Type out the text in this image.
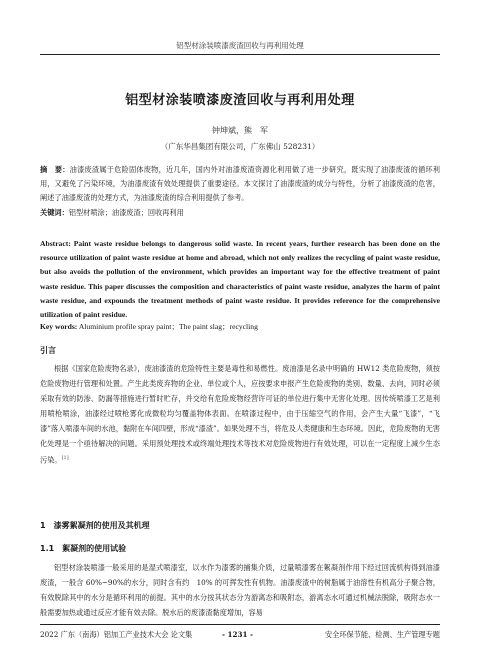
铝型材涂装喷漆废渣回收与再利用处理
铝型材涂装喷漆废渣回收与再利用处理
钟坤斌，熊　军
（广东华昌集团有限公司，广东佛山 528231）
摘　要：油漆废渣属于危险固体废物，近几年，国内外对油漆废渣资源化利用做了进一步研究，既实现了油漆废渣的循环利用，又避免了污染环境，为油漆废渣有效处理提供了重要途径。本文探讨了油漆废渣的成分与特性，分析了油漆废渣的危害，阐述了油漆废渣的处理方式，为油漆废渣的综合利用提供了参考。
关键词：铝型材喷涂；油漆废渣；回收再利用
Abstract: Paint waste residue belongs to dangerous solid waste. In recent years, further research has been done on the resource utilization of paint waste residue at home and abroad, which not only realizes the recycling of paint waste residue, but also avoids the pollution of the environment, which provides an important way for the effective treatment of paint waste residue. This paper discusses the composition and characteristics of paint waste residue, analyzes the harm of paint waste residue, and expounds the treatment methods of paint waste residue. It provides reference for the comprehensive utilization of paint residue.
Key words: Aluminium profile spray paint；The paint slag；recycling
引言
根据《国家危险废物名录》，废油漆渣的危险特性主要是毒性和易燃性。废油漆是名录中明确的 HW12 类危险废物，须按危险废物进行管理和处置。产生此类废弃物的企业、单位或个人，应按要求申报产生危险废物的类别、数量、去向，同时必须采取有效的防渗、防漏等措施进行暂时贮存，并交给有危险废物经营许可证的单位进行集中无害化处理。因传统喷漆工艺是利用喷枪喷涂，油漆经过喷枪雾化成微粒均匀覆盖物体表面。在喷漆过程中，由于压缩空气的作用，会产生大量“飞漆”，“飞漆”落入喷漆车间的水池，黏附在车间四壁，形成“漆渣”。如果处理不当，将危及人类健康和生态环境。因此，危险废物的无害化处理是一个亟待解决的问题。采用预处理技术或终端处理技术等技术对危险废物进行有效处理，可以在一定程度上减少生态污染。[1]
1　漆雾絮凝剂的使用及其机理
1.1　絮凝剂的使用试验
铝型材涂装喷漆一般采用的是湿式喷漆室，以水作为漆雾的捕集介质，过量喷漆雾在絮凝剂作用下经过回流机构得到油漆废渣，一般含 60%~90%的水分，同时含有约　10% 的可挥发性有机物。油漆废渣中的树脂属于油溶性有机高分子聚合物，有效脱除其中的水分是循环利用的前提。其中的水分按其状态分为游离态和吸附态，游离态水可通过机械法脱除，吸附态水一般需要加热或通过反应才能有效去除。脱水后的废漆渣黏度增加，容易
2022 广东（南海）铝加工产业技术大会 论文集	- 1231 -	安全环保节能、检测、生产管理专题
